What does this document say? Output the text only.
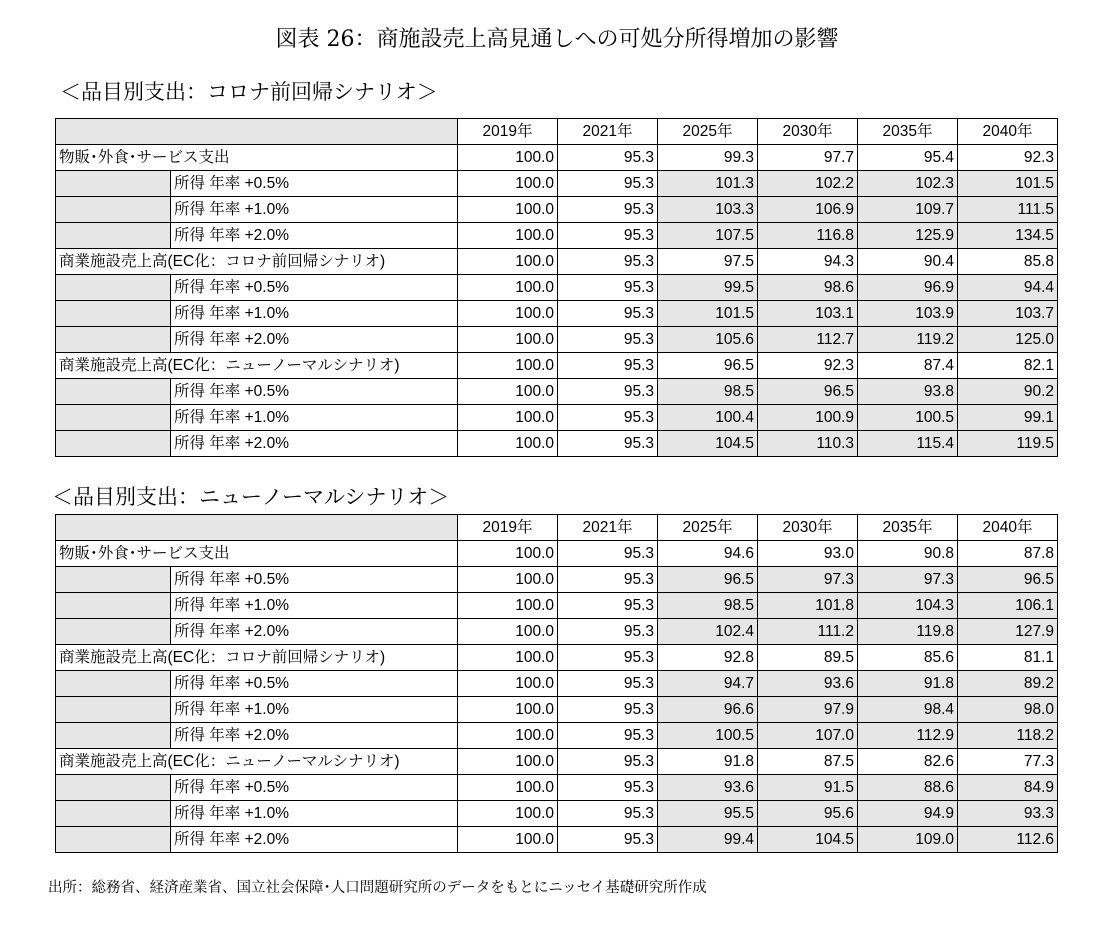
図表 26：商施設売上高見通しへの可処分所得増加の影響
＜品目別支出：コロナ前回帰シナリオ＞
＜品目別支出：ニューノーマルシナリオ＞
		2019年	2021年	2025年	2030年	2035年	2040年
物販･外食･サービス支出		100.0	95.3	99.3	97.7	95.4	92.3
	所得 年率 +0.5%	100.0	95.3	101.3	102.2	102.3	101.5
	所得 年率 +1.0%	100.0	95.3	103.3	106.9	109.7	111.5
	所得 年率 +2.0%	100.0	95.3	107.5	116.8	125.9	134.5
商業施設売上高(EC化：コロナ前回帰シナリオ)		100.0	95.3	97.5	94.3	90.4	85.8
	所得 年率 +0.5%	100.0	95.3	99.5	98.6	96.9	94.4
	所得 年率 +1.0%	100.0	95.3	101.5	103.1	103.9	103.7
	所得 年率 +2.0%	100.0	95.3	105.6	112.7	119.2	125.0
商業施設売上高(EC化：ニューノーマルシナリオ)		100.0	95.3	96.5	92.3	87.4	82.1
	所得 年率 +0.5%	100.0	95.3	98.5	96.5	93.8	90.2
	所得 年率 +1.0%	100.0	95.3	100.4	100.9	100.5	99.1
	所得 年率 +2.0%	100.0	95.3	104.5	110.3	115.4	119.5
		2019年	2021年	2025年	2030年	2035年	2040年
物販･外食･サービス支出		100.0	95.3	94.6	93.0	90.8	87.8
	所得 年率 +0.5%	100.0	95.3	96.5	97.3	97.3	96.5
	所得 年率 +1.0%	100.0	95.3	98.5	101.8	104.3	106.1
	所得 年率 +2.0%	100.0	95.3	102.4	111.2	119.8	127.9
商業施設売上高(EC化：コロナ前回帰シナリオ)		100.0	95.3	92.8	89.5	85.6	81.1
	所得 年率 +0.5%	100.0	95.3	94.7	93.6	91.8	89.2
	所得 年率 +1.0%	100.0	95.3	96.6	97.9	98.4	98.0
	所得 年率 +2.0%	100.0	95.3	100.5	107.0	112.9	118.2
商業施設売上高(EC化：ニューノーマルシナリオ)		100.0	95.3	91.8	87.5	82.6	77.3
	所得 年率 +0.5%	100.0	95.3	93.6	91.5	88.6	84.9
	所得 年率 +1.0%	100.0	95.3	95.5	95.6	94.9	93.3
	所得 年率 +2.0%	100.0	95.3	99.4	104.5	109.0	112.6
出所：総務省、経済産業省、国立社会保障･人口問題研究所のデータをもとにニッセイ基礎研究所作成
